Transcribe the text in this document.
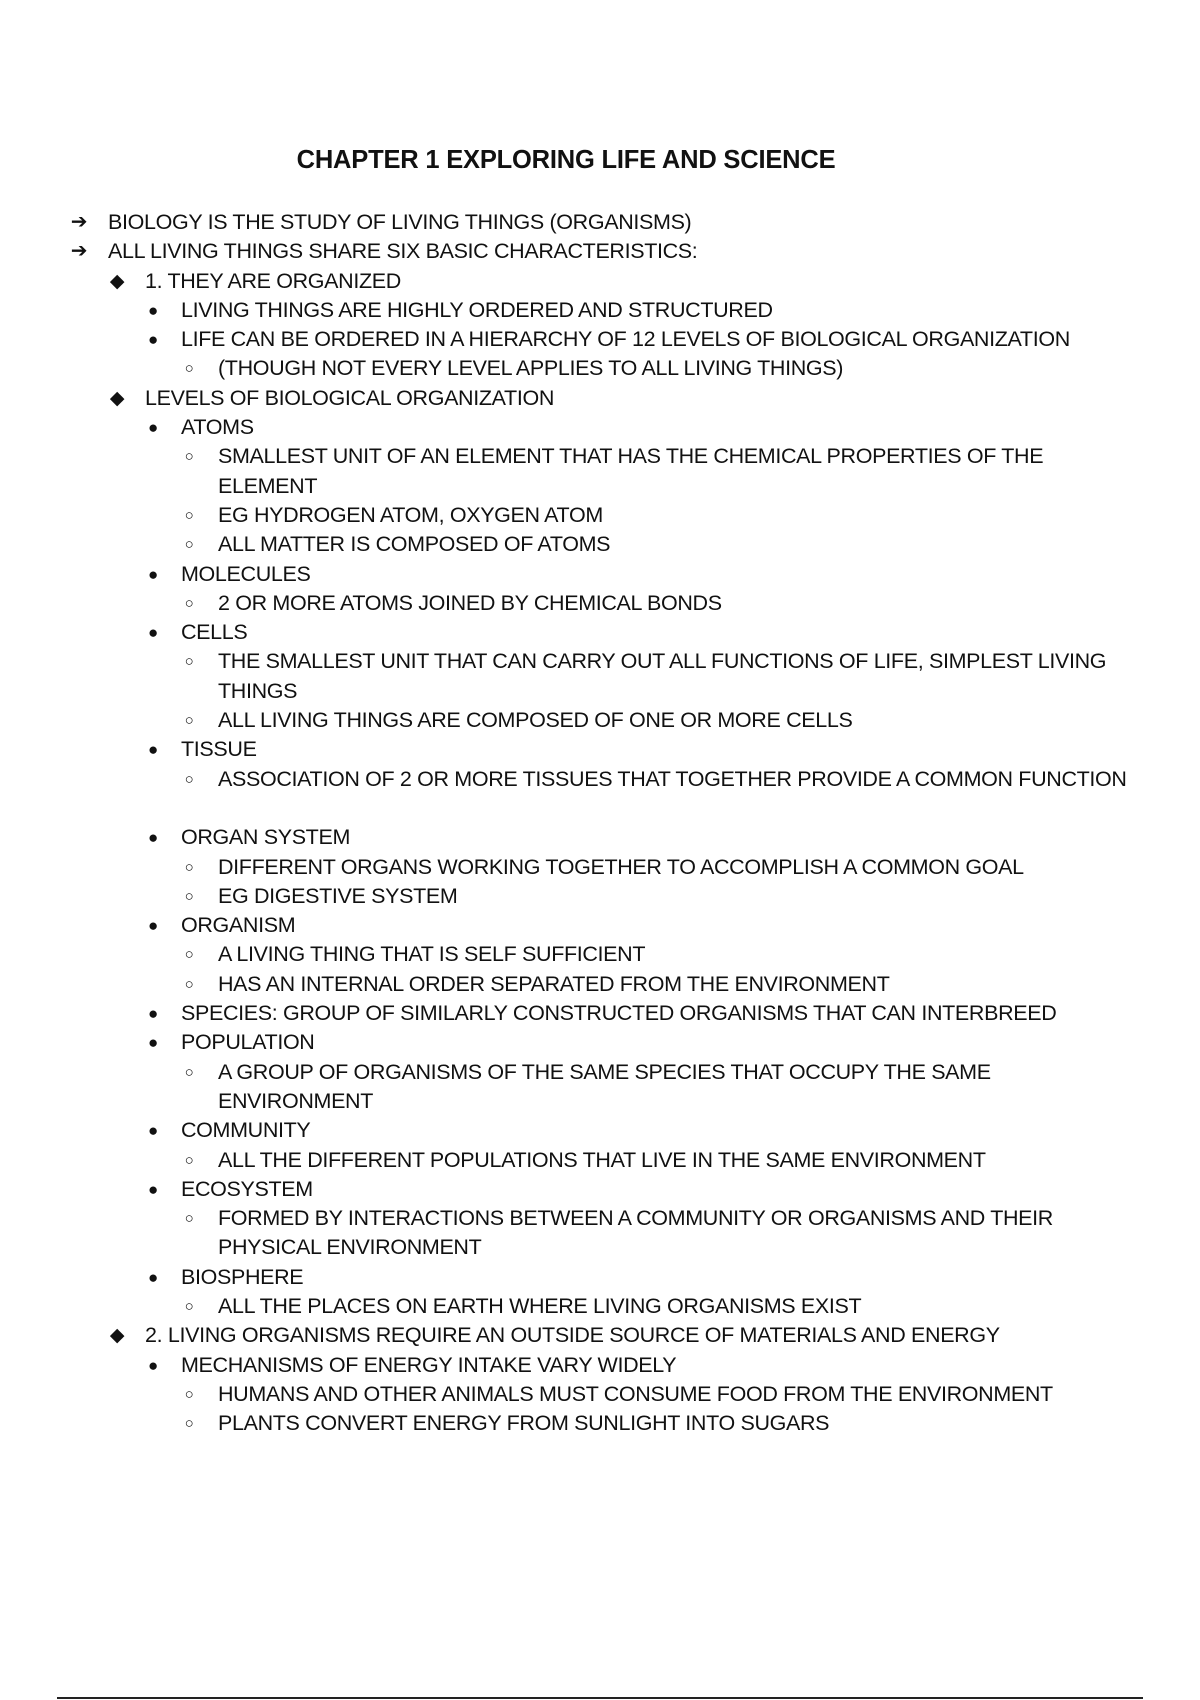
CHAPTER 1 EXPLORING LIFE AND SCIENCE
➔ BIOLOGY IS THE STUDY OF LIVING THINGS (ORGANISMS)
➔ ALL LIVING THINGS SHARE SIX BASIC CHARACTERISTICS:
◆ 1. THEY ARE ORGANIZED
● LIVING THINGS ARE HIGHLY ORDERED AND STRUCTURED
● LIFE CAN BE ORDERED IN A HIERARCHY OF 12 LEVELS OF BIOLOGICAL ORGANIZATION
○	(THOUGH NOT EVERY LEVEL APPLIES TO ALL LIVING THINGS)
◆ LEVELS OF BIOLOGICAL ORGANIZATION
● ATOMS
○	SMALLEST UNIT OF AN ELEMENT THAT HAS THE CHEMICAL PROPERTIES OF THE ELEMENT
○	EG HYDROGEN ATOM, OXYGEN ATOM
○	ALL MATTER IS COMPOSED OF ATOMS
● MOLECULES
○	2 OR MORE ATOMS JOINED BY CHEMICAL BONDS
● CELLS
○	THE SMALLEST UNIT THAT CAN CARRY OUT ALL FUNCTIONS OF LIFE, SIMPLEST LIVING THINGS
○	ALL LIVING THINGS ARE COMPOSED OF ONE OR MORE CELLS
● TISSUE
○	ASSOCIATION OF 2 OR MORE TISSUES THAT TOGETHER PROVIDE A COMMON FUNCTION
● ORGAN SYSTEM
○	DIFFERENT ORGANS WORKING TOGETHER TO ACCOMPLISH A COMMON GOAL
○	EG DIGESTIVE SYSTEM
● ORGANISM
○	A LIVING THING THAT IS SELF SUFFICIENT
○	HAS AN INTERNAL ORDER SEPARATED FROM THE ENVIRONMENT
● SPECIES: GROUP OF SIMILARLY CONSTRUCTED ORGANISMS THAT CAN INTERBREED
● POPULATION
○	A GROUP OF ORGANISMS OF THE SAME SPECIES THAT OCCUPY THE SAME ENVIRONMENT
● COMMUNITY
○	ALL THE DIFFERENT POPULATIONS THAT LIVE IN THE SAME ENVIRONMENT
● ECOSYSTEM
○	FORMED BY INTERACTIONS BETWEEN A COMMUNITY OR ORGANISMS AND THEIR PHYSICAL ENVIRONMENT
● BIOSPHERE
○	ALL THE PLACES ON EARTH WHERE LIVING ORGANISMS EXIST
◆ 2. LIVING ORGANISMS REQUIRE AN OUTSIDE SOURCE OF MATERIALS AND ENERGY
● MECHANISMS OF ENERGY INTAKE VARY WIDELY
○	HUMANS AND OTHER ANIMALS MUST CONSUME FOOD FROM THE ENVIRONMENT
○	PLANTS CONVERT ENERGY FROM SUNLIGHT INTO SUGARS
